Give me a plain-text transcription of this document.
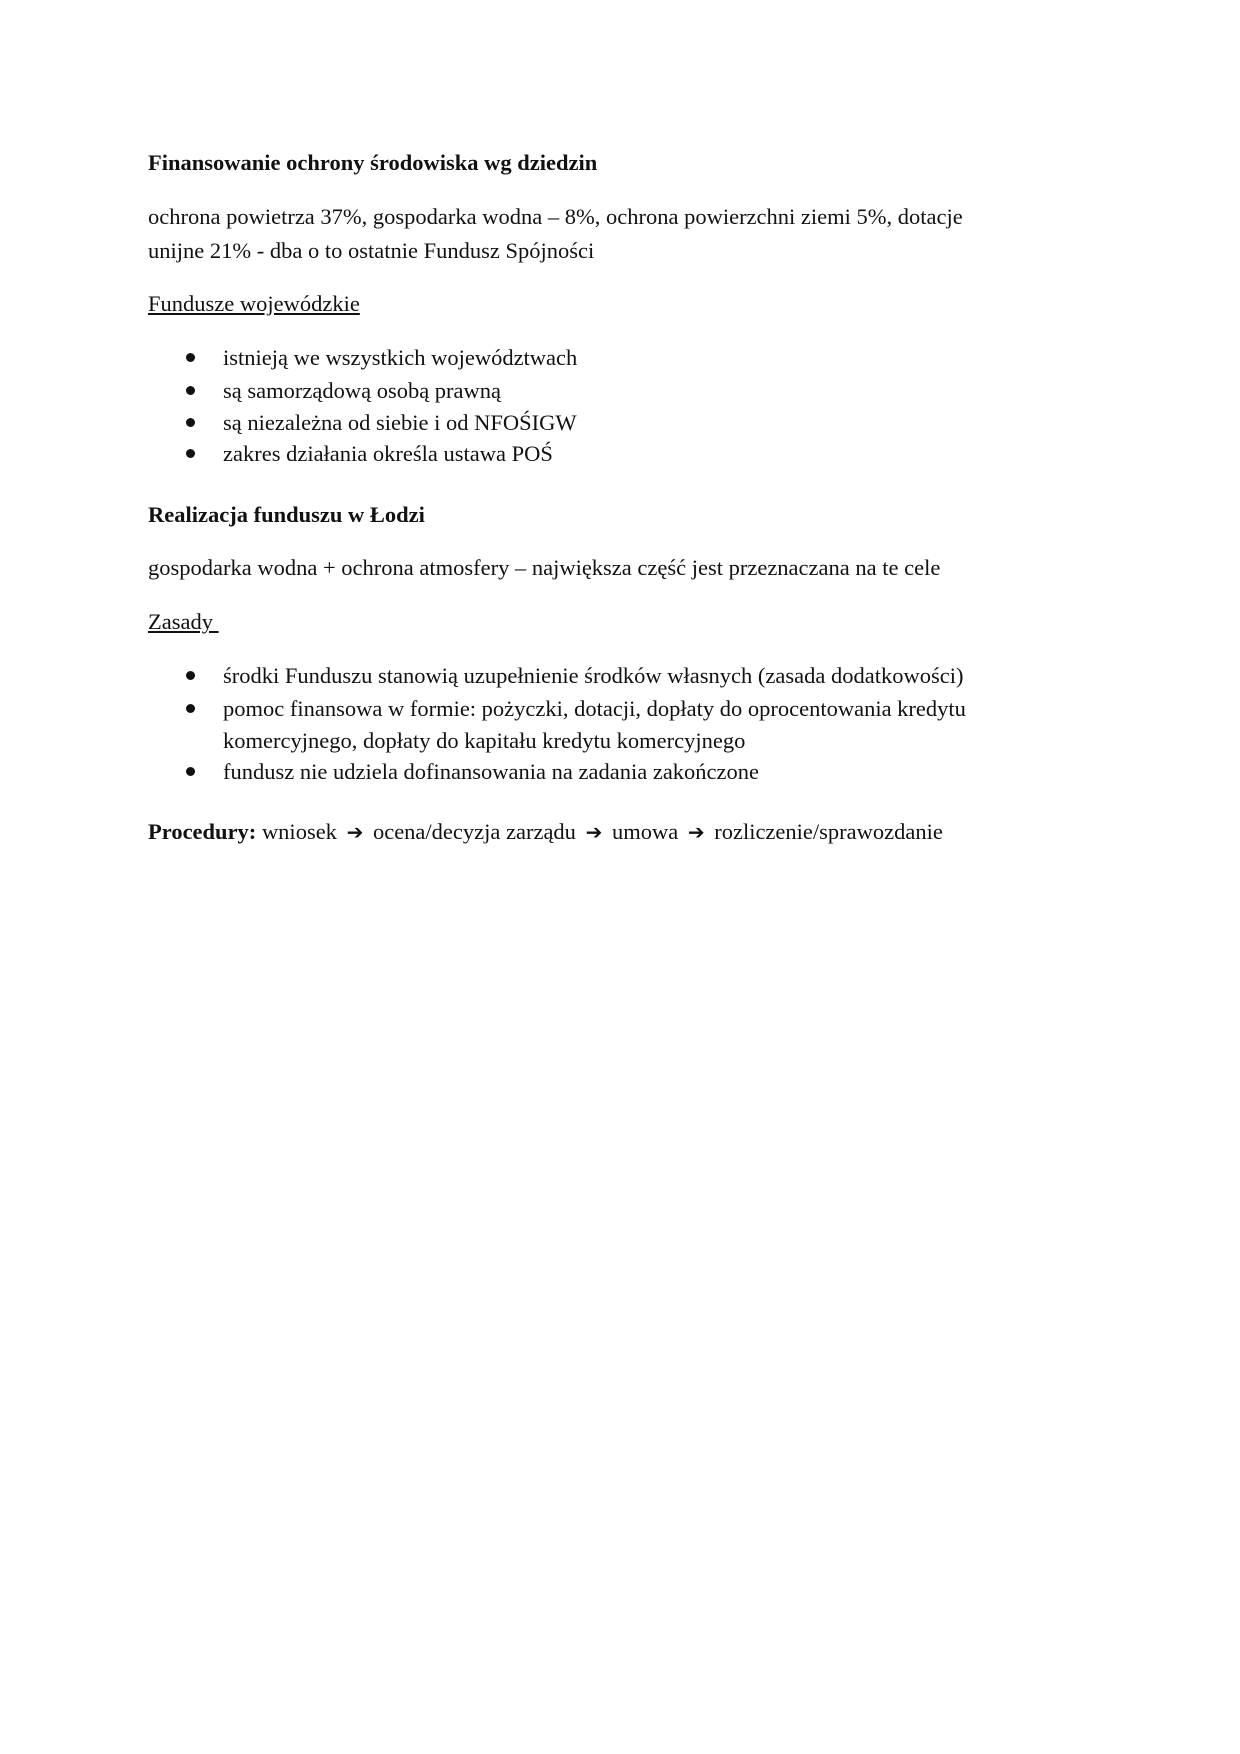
Finansowanie ochrony środowiska wg dziedzin
ochrona powietrza 37%, gospodarka wodna – 8%, ochrona powierzchni ziemi 5%, dotacje
unijne 21% - dba o to ostatnie Fundusz Spójności
Fundusze wojewódzkie
istnieją we wszystkich województwach
są samorządową osobą prawną
są niezależna od siebie i od NFOŚIGW
zakres działania określa ustawa POŚ
Realizacja funduszu w Łodzi
gospodarka wodna + ochrona atmosfery – największa część jest przeznaczana na te cele
Zasady
środki Funduszu stanowią uzupełnienie środków własnych (zasada dodatkowości)
pomoc finansowa w formie: pożyczki, dotacji, dopłaty do oprocentowania kredytu
komercyjnego, dopłaty do kapitału kredytu komercyjnego
fundusz nie udziela dofinansowania na zadania zakończone
Procedury: wniosek ➔ ocena/decyzja zarządu ➔ umowa ➔ rozliczenie/sprawozdanie
